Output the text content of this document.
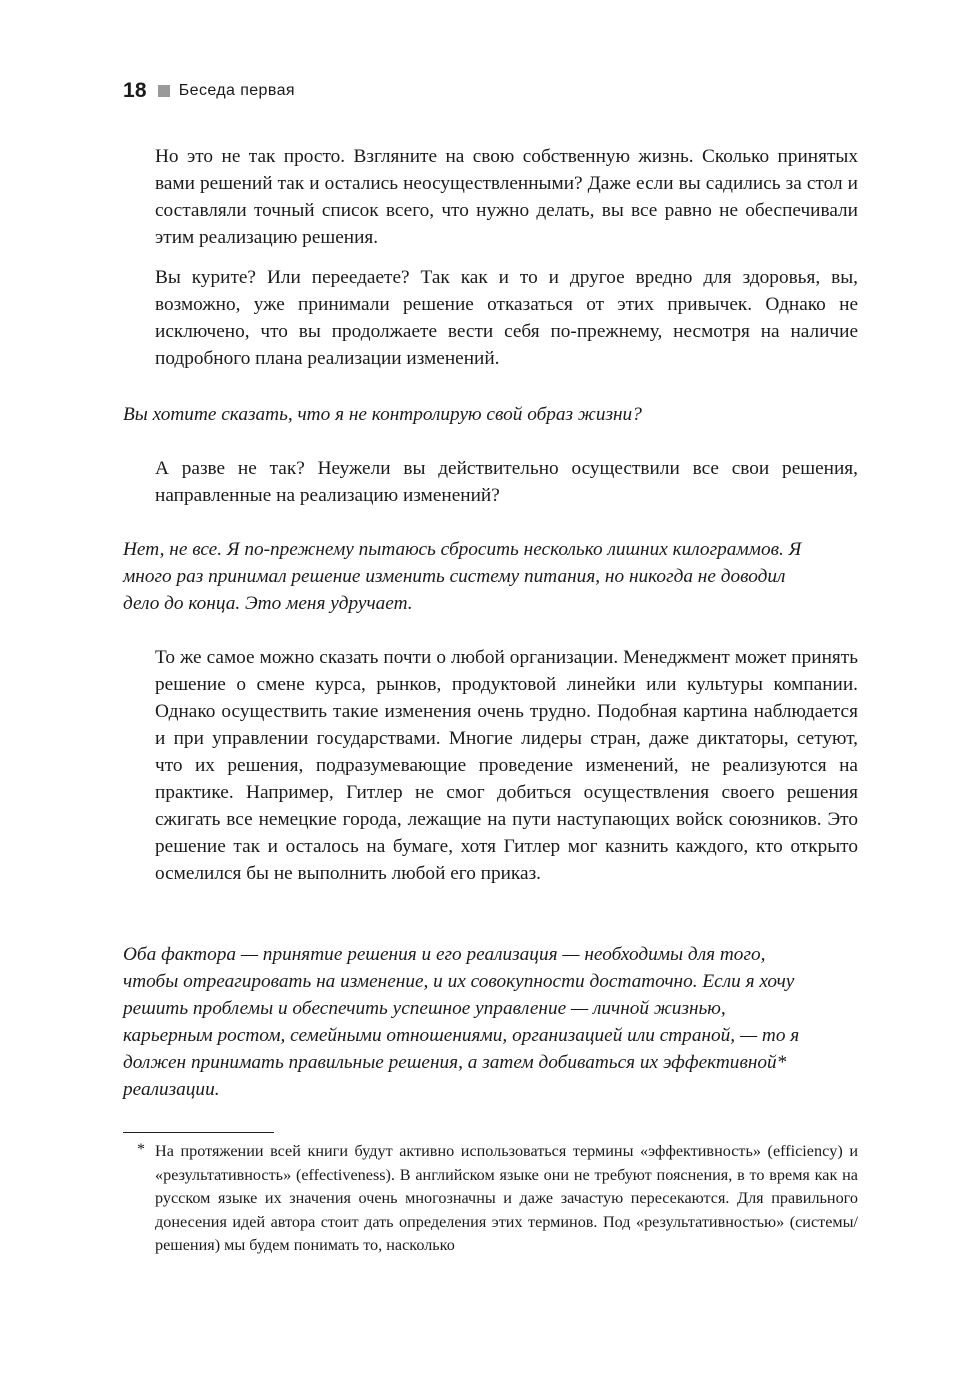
18 Беседа первая

Но это не так просто. Взгляните на свою собственную жизнь. Сколько принятых вами решений так и остались неосуществленными? Даже если вы садились за стол и составляли точный список всего, что нужно делать, вы все равно не обеспечивали этим реализацию решения.

Вы курите? Или переедаете? Так как и то и другое вредно для здоровья, вы, возможно, уже принимали решение отказаться от этих привычек. Однако не исключено, что вы продолжаете вести себя по-прежнему, несмотря на наличие подробного плана реализации изменений.

Вы хотите сказать, что я не контролирую свой образ жизни?

А разве не так? Неужели вы действительно осуществили все свои решения, направленные на реализацию изменений?

Нет, не все. Я по-прежнему пытаюсь сбросить несколько лишних килограммов. Я много раз принимал решение изменить систему питания, но никогда не доводил дело до конца. Это меня удручает.

То же самое можно сказать почти о любой организации. Менеджмент может принять решение о смене курса, рынков, продуктовой линейки или культуры компании. Однако осуществить такие изменения очень трудно. Подобная картина наблюдается и при управлении государствами. Многие лидеры стран, даже диктаторы, сетуют, что их решения, подразумевающие проведение изменений, не реализуются на практике. Например, Гитлер не смог добиться осуществления своего решения сжигать все немецкие города, лежащие на пути наступающих войск союзников. Это решение так и осталось на бумаге, хотя Гитлер мог казнить каждого, кто открыто осмелился бы не выполнить любой его приказ.

Оба фактора — принятие решения и его реализация — необходимы для того, чтобы отреагировать на изменение, и их совокупности достаточно. Если я хочу решить проблемы и обеспечить успешное управление — личной жизнью, карьерным ростом, семейными отношениями, организацией или страной, — то я должен принимать правильные решения, а затем добиваться их эффективной* реализации.

* На протяжении всей книги будут активно использоваться термины «эффективность» (efficiency) и «результативность» (effectiveness). В английском языке они не требуют пояснения, в то время как на русском языке их значения очень многозначны и даже зачастую пересекаются. Для правильного донесения идей автора стоит дать определения этих терминов. Под «результативностью» (системы/решения) мы будем понимать то, насколько
